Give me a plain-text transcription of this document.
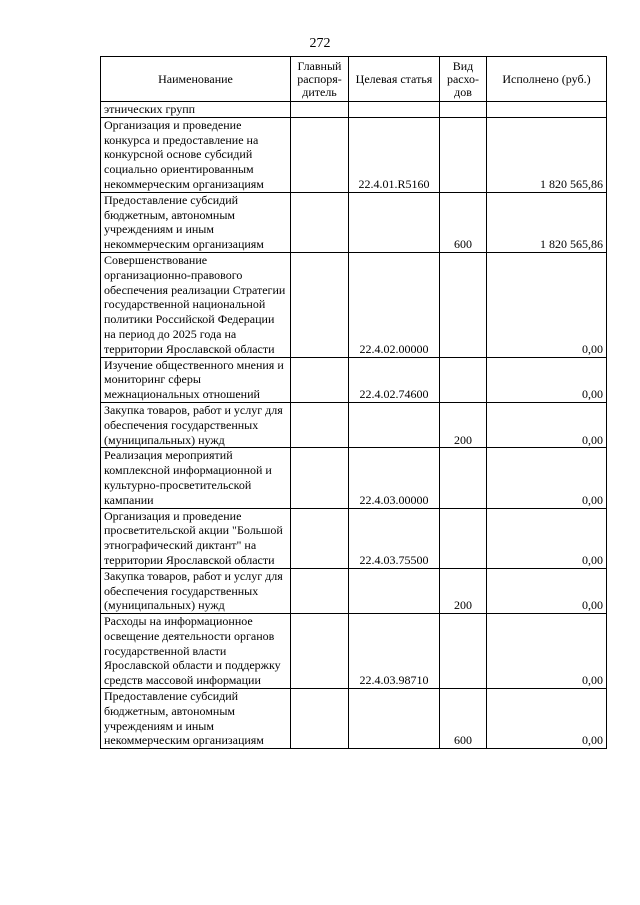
272
Наименование	Главный распоря-дитель	Целевая статья	Вид расхо-дов	Исполнено (руб.)
этнических групп				
Организация и проведение конкурса и предоставление на конкурсной основе субсидий социально ориентированным некоммерческим организациям		22.4.01.R5160		1 820 565,86
Предоставление субсидий бюджетным, автономным учреждениям и иным некоммерческим организациям			600	1 820 565,86
Совершенствование организационно-правового обеспечения реализации Стратегии государственной национальной политики Российской Федерации на период до 2025 года на территории Ярославской области		22.4.02.00000		0,00
Изучение общественного мнения и мониторинг сферы межнациональных отношений		22.4.02.74600		0,00
Закупка товаров, работ и услуг для обеспечения государственных (муниципальных) нужд			200	0,00
Реализация мероприятий комплексной информационной и культурно-просветительской кампании		22.4.03.00000		0,00
Организация и проведение просветительской акции "Большой этнографический диктант" на территории Ярославской области		22.4.03.75500		0,00
Закупка товаров, работ и услуг для обеспечения государственных (муниципальных) нужд			200	0,00
Расходы на информационное освещение деятельности органов государственной власти Ярославской области и поддержку средств массовой информации		22.4.03.98710		0,00
Предоставление субсидий бюджетным, автономным учреждениям и иным некоммерческим организациям			600	0,00
